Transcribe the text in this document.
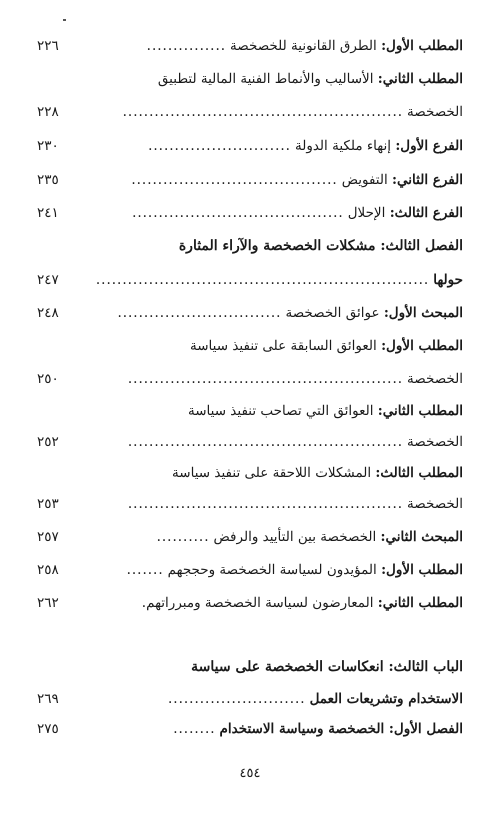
المطلب الأول:

الطرق القانونية للخصخصة
...............
٢٢٦
المطلب الثاني:

الأساليب والأنماط الفنية المالية لتطبيق
الخصخصة
.....................................................
٢٢٨
الفرع الأول:

إنهاء ملكية الدولة
...........................
٢٣٠
الفرع الثاني:

التفويض
.......................................
٢٣٥
الفرع الثالث:

الإحلال
........................................
٢٤١
الفصل الثالث: مشكلات الخصخصة والآراء المثارة
حولها
...............................................................
٢٤٧
المبحث الأول:

عوائق الخصخصة
...............................
٢٤٨
المطلب الأول:

العوائق السابقة على تنفيذ سياسة
الخصخصة
....................................................
٢٥٠
المطلب الثاني:

العوائق التي تصاحب تنفيذ سياسة
الخصخصة
....................................................
٢٥٢
المطلب الثالث:

المشكلات اللاحقة على تنفيذ سياسة
الخصخصة
....................................................
٢٥٣
المبحث الثاني:

الخصخصة بين التأييد والرفض
..........
٢٥٧
المطلب الأول:

المؤيدون لسياسة الخصخصة وحججهم
.......
٢٥٨
المطلب الثاني:

المعارضون لسياسة الخصخصة ومبرراتهم.
٢٦٢
الباب الثالث: انعكاسات الخصخصة على سياسة
الاستخدام وتشريعات العمل
..........................
٢٦٩
الفصل الأول: الخصخصة وسياسة الاستخدام
........
٢٧٥
٤٥٤
